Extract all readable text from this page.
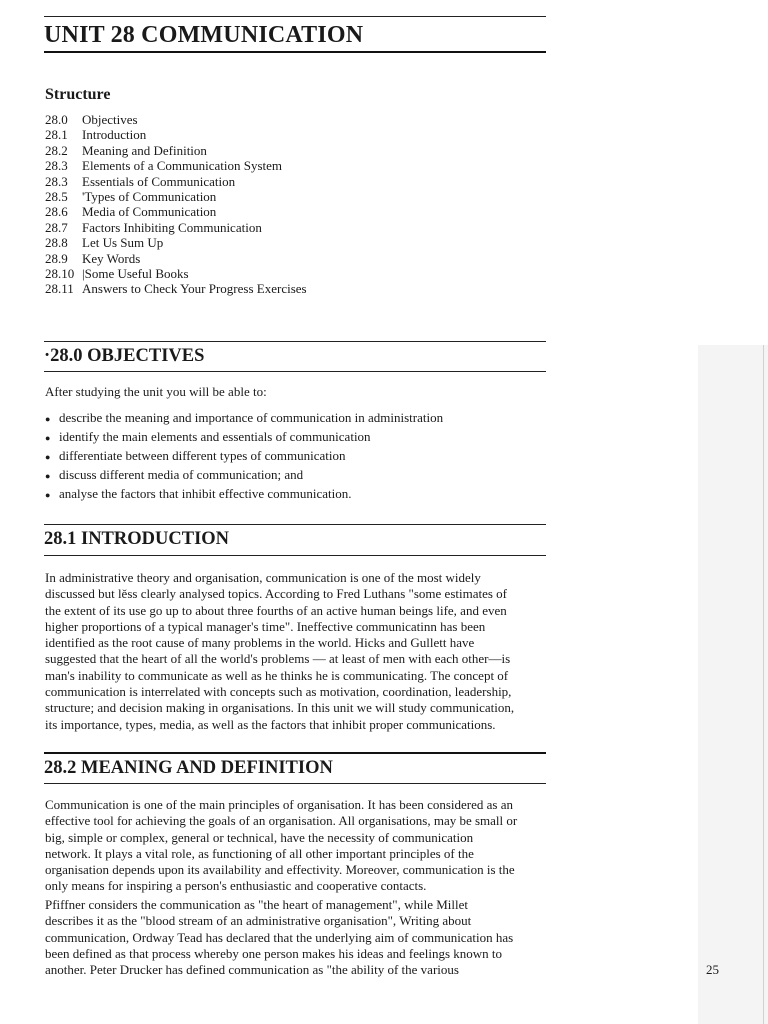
UNIT 28 COMMUNICATION
Structure
28.0	Objectives
28.1	Introduction
28.2	Meaning and Definition
28.3	Elements of a Communication System
28.3	Essentials of Communication
28.5	'Types of Communication
28.6	Media of Communication
28.7	Factors Inhibiting Communication
28.8	Let Us Sum Up
28.9	Key Words
28.10 |Some Useful Books
28.11 Answers to Check Your Progress Exercises
·28.0 OBJECTIVES

After studying the unit you will be able to:

● describe the meaning and importance of communication in administration
● identify the main elements and essentials of communication
● differentiate between different types of communication
● discuss different media of communication; and
● analyse the factors that inhibit effective communication.
28.1 INTRODUCTION
In administrative theory and organisation, communication is one of the most widely
discussed but lěss clearly analysed topics. According to Fred Luthans "some estimates of
the extent of its use go up to about three fourths of an active human beings life, and even
higher proportions of a typical manager's time". Ineffective communicatinn has been
identified as the root cause of many problems in the world. Hicks and Gullett have
suggested that the heart of all the world's problems — at least of men with each other—is
man's inability to communicate as well as he thinks he is communicating. The concept of
communication is interrelated with concepts such as motivation, coordination, leadership,
structure; and decision making in organisations. In this unit we will study communication,
its importance, types, media, as well as the factors that inhibit proper communications.
28.2 MEANING AND DEFINITION
Communication is one of the main principles of organisation. It has been considered as an
effective tool for achieving the goals of an organisation. All organisations, may be small or
big, simple or complex, general or technical, have the necessity of communication
network. It plays a vital role, as functioning of all other important principles of the
organisation depends upon its availability and effectivity. Moreover, communication is the
only means for inspiring a person's enthusiastic and cooperative contacts.
Pfiffner considers the communication as "the heart of management", while Millet
describes it as the "blood stream of an administrative organisation", Writing about
communication, Ordway Tead has declared that the underlying aim of communication has
been defined as that process whereby one person makes his ideas and feelings known to
another. Peter Drucker has defined communication as "the ability of the various	25
